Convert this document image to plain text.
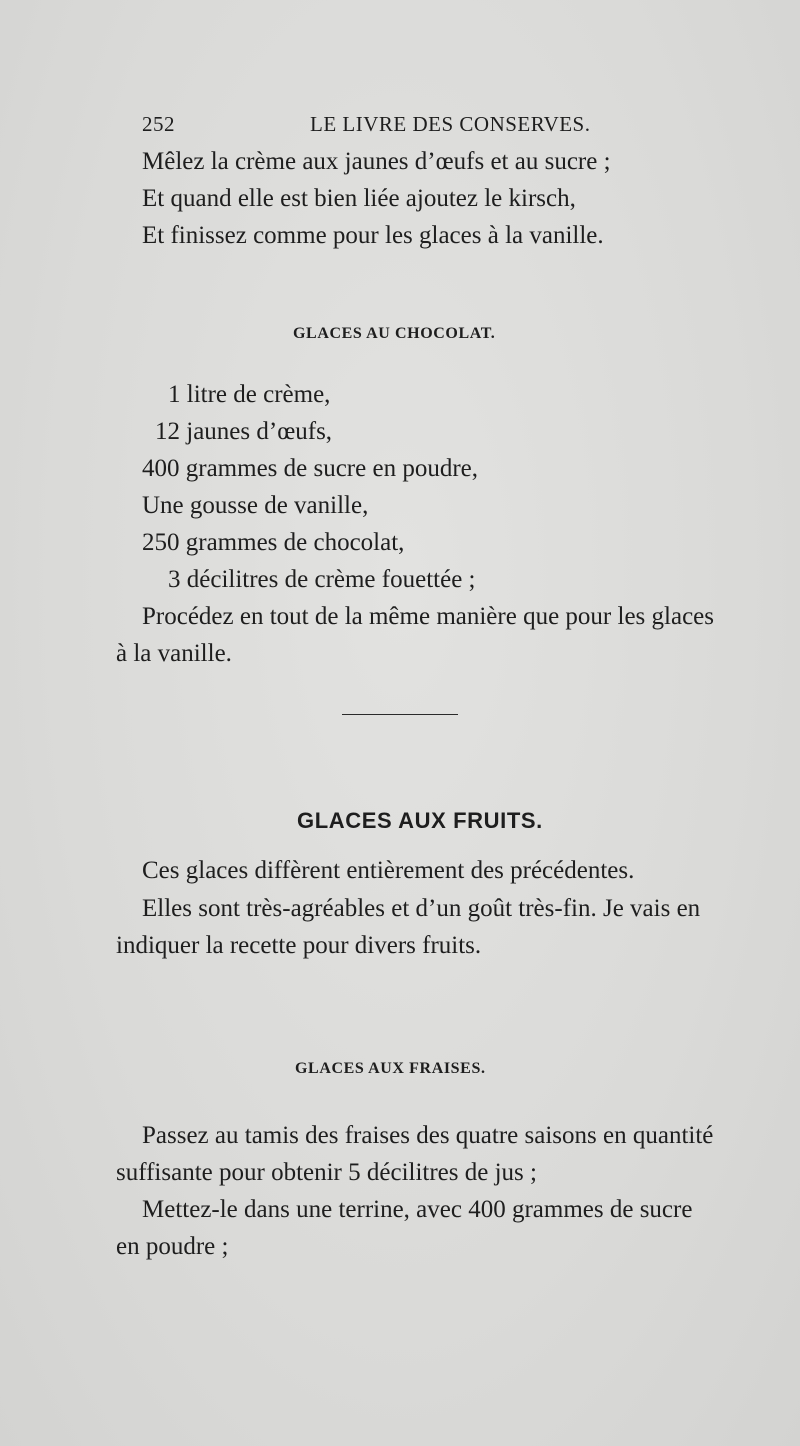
252	LE LIVRE DES CONSERVES.
Mêlez la crème aux jaunes d’œufs et au sucre ;
Et quand elle est bien liée ajoutez le kirsch,
Et finissez comme pour les glaces à la vanille.
GLACES AU CHOCOLAT.
1 litre de crème,
12 jaunes d’œufs,
400 grammes de sucre en poudre,
Une gousse de vanille,
250 grammes de chocolat,
3 décilitres de crème fouettée ;
Procédez en tout de la même manière que pour les glaces
à la vanille.
GLACES AUX FRUITS.
Ces glaces diffèrent entièrement des précédentes.
Elles sont très-agréables et d’un goût très-fin. Je vais en
indiquer la recette pour divers fruits.
GLACES AUX FRAISES.
Passez au tamis des fraises des quatre saisons en quantité
suffisante pour obtenir 5 décilitres de jus ;
Mettez-le dans une terrine, avec 400 grammes de sucre
en poudre ;
